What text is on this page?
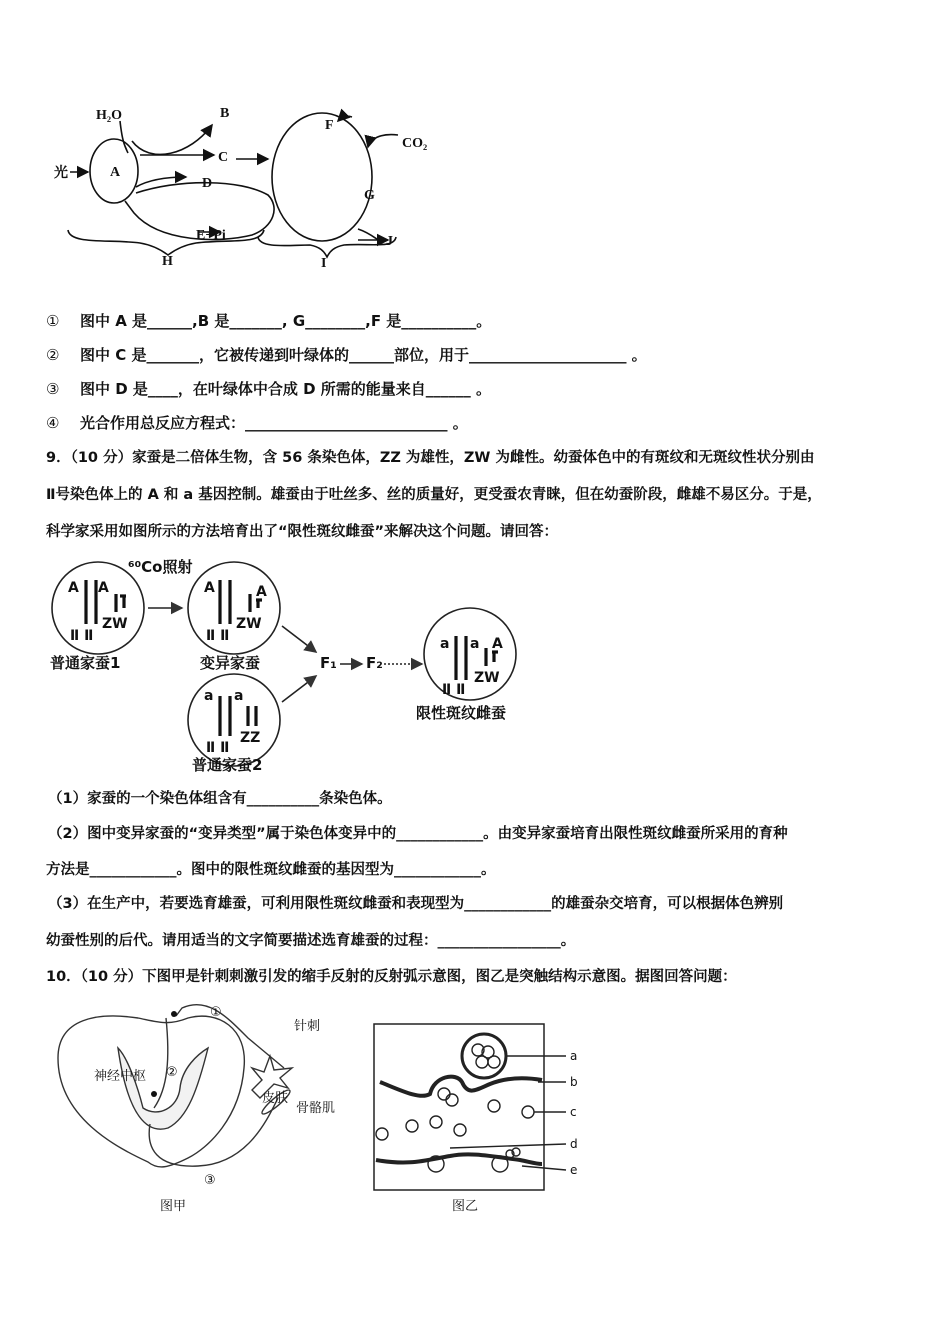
H₂O	B
光	A
C
D
F
CO₂
G
E+Pi	J
H	I
① 图中 A 是______,B 是_______, G________,F 是__________。
② 图中 C 是_______，它被传递到叶绿体的______部位，用于_____________________ 。
③ 图中 D 是____，在叶绿体中合成 D 所需的能量来自______ 。
④ 光合作用总反应方程式：___________________________ 。
9．（10 分）家蚕是二倍体生物，含 56 条染色体，ZZ 为雄性，ZW 为雌性。幼蚕体色中的有斑纹和无斑纹性状分别由
Ⅱ号染色体上的 A 和 a 基因控制。雄蚕由于吐丝多、丝的质量好，更受蚕农青睐，但在幼蚕阶段，雌雄不易区分。于是，
科学家采用如图所示的方法培育出了“限性斑纹雌蚕”来解决这个问题。请回答：
A A	A	A
a a
a a A
Ⅱ Ⅱ
ZW
Ⅱ Ⅱ
ZW
Ⅱ Ⅱ
ZZ
Ⅱ Ⅱ
ZW
⁶⁰Co照射
普通家蚕1	变异家蚕
普通家蚕2
限性斑纹雌蚕
F₁ F₂
（1）家蚕的一个染色体组含有__________条染色体。
（2）图中变异家蚕的“变异类型”属于染色体变异中的____________。由变异家蚕培育出限性斑纹雌蚕所采用的育种
方法是____________。图中的限性斑纹雌蚕的基因型为____________。
（3）在生产中，若要选育雄蚕，可利用限性斑纹雌蚕和表现型为____________的雄蚕杂交培育，可以根据体色辨别
幼蚕性别的后代。请用适当的文字简要描述选育雄蚕的过程：_________________。
10．（10 分）下图甲是针刺刺激引发的缩手反射的反射弧示意图，图乙是突触结构示意图。据图回答问题：
①
②
③
针刺
皮肤
神经中枢
骨骼肌
图甲
a
b
c
d
e
图乙
